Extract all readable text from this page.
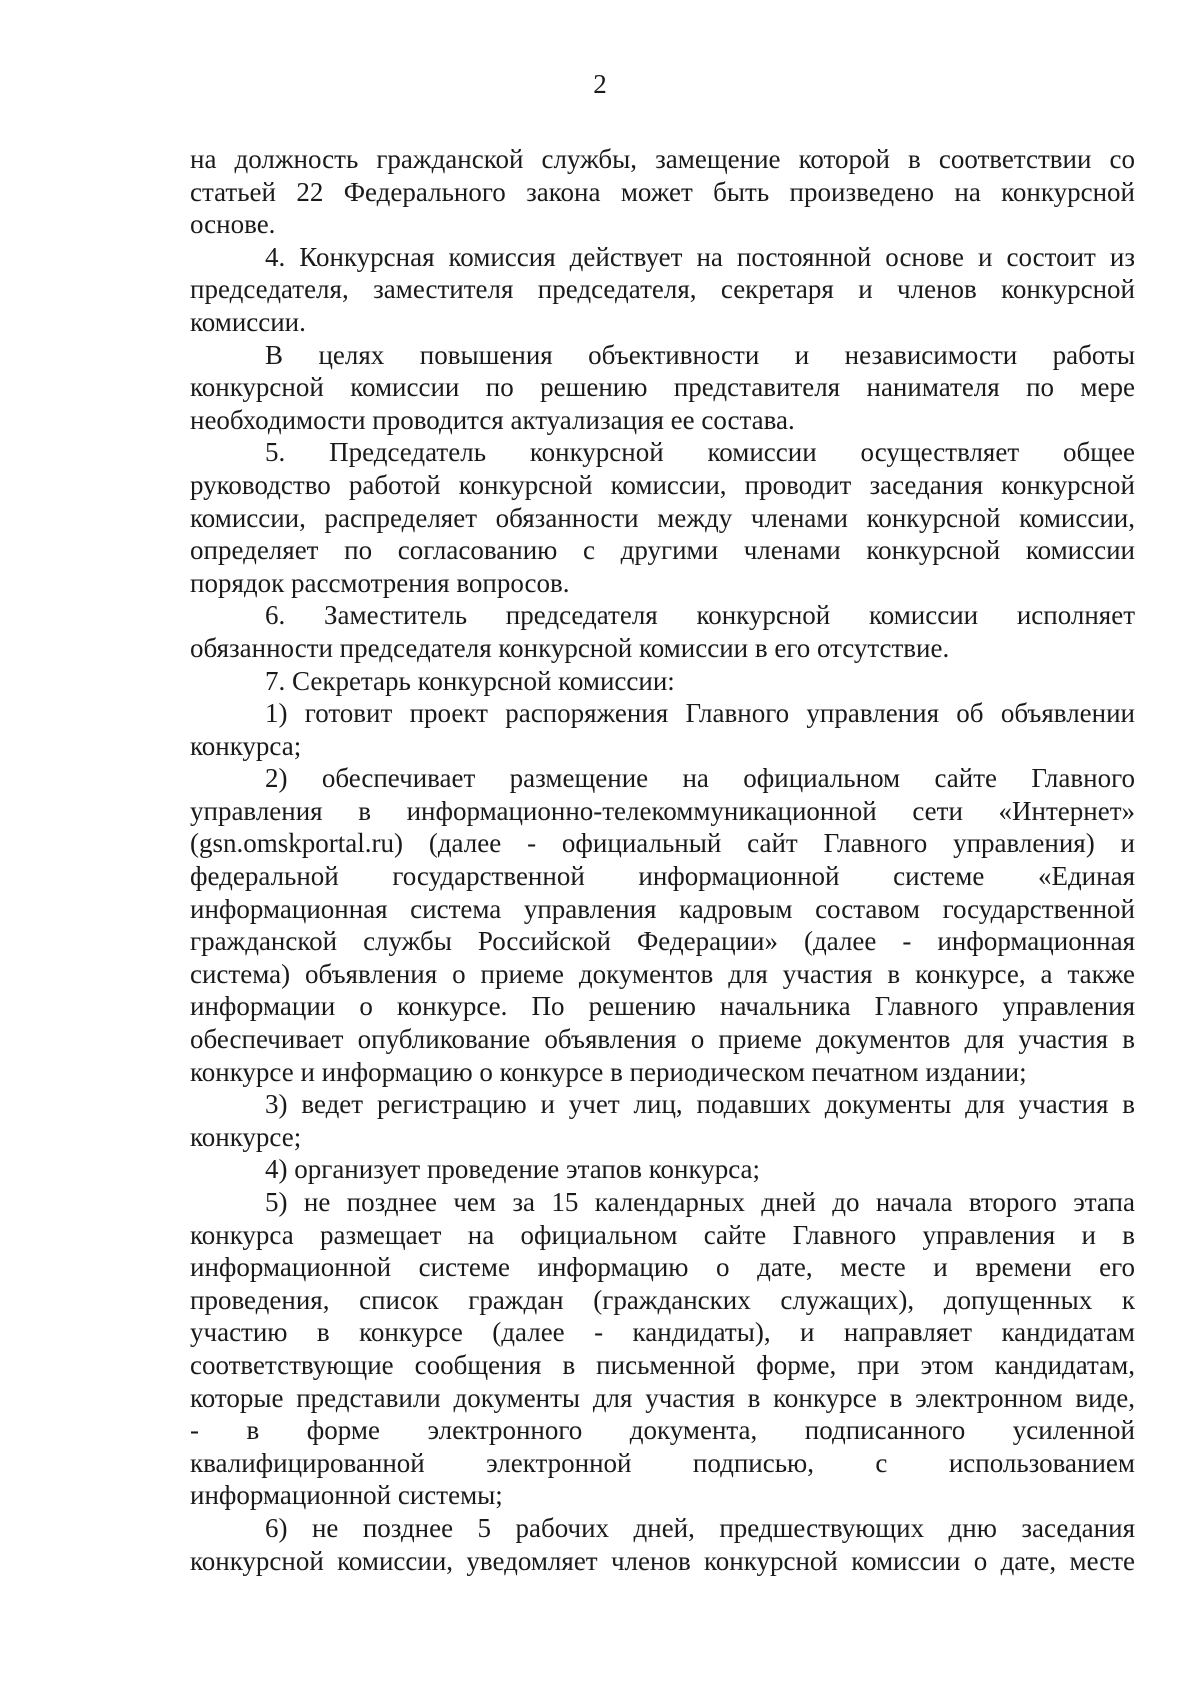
2
на должность гражданской службы, замещение которой в соответствии со
статьей 22 Федерального закона может быть произведено на конкурсной
основе.
4. Конкурсная комиссия действует на постоянной основе и состоит из
председателя, заместителя председателя, секретаря и членов конкурсной
комиссии.
В целях повышения объективности и независимости работы
конкурсной комиссии по решению представителя нанимателя по мере
необходимости проводится актуализация ее состава.
5. Председатель конкурсной комиссии осуществляет общее
руководство работой конкурсной комиссии, проводит заседания конкурсной
комиссии, распределяет обязанности между членами конкурсной комиссии,
определяет по согласованию с другими членами конкурсной комиссии
порядок рассмотрения вопросов.
6. Заместитель председателя конкурсной комиссии исполняет
обязанности председателя конкурсной комиссии в его отсутствие.
7. Секретарь конкурсной комиссии:
1) готовит проект распоряжения Главного управления об объявлении
конкурса;
2) обеспечивает размещение на официальном сайте Главного
управления в информационно-телекоммуникационной сети «Интернет»
(gsn.omskportal.ru) (далее - официальный сайт Главного управления) и
федеральной государственной информационной системе «Единая
информационная система управления кадровым составом государственной
гражданской службы Российской Федерации» (далее - информационная
система) объявления о приеме документов для участия в конкурсе, а также
информации о конкурсе. По решению начальника Главного управления
обеспечивает опубликование объявления о приеме документов для участия в
конкурсе и информацию о конкурсе в периодическом печатном издании;
3) ведет регистрацию и учет лиц, подавших документы для участия в
конкурсе;
4) организует проведение этапов конкурса;
5) не позднее чем за 15 календарных дней до начала второго этапа
конкурса размещает на официальном сайте Главного управления и в
информационной системе информацию о дате, месте и времени его
проведения, список граждан (гражданских служащих), допущенных к
участию в конкурсе (далее - кандидаты), и направляет кандидатам
соответствующие сообщения в письменной форме, при этом кандидатам,
которые представили документы для участия в конкурсе в электронном виде,
- в форме электронного документа, подписанного усиленной
квалифицированной электронной подписью, с использованием
информационной системы;
6) не позднее 5 рабочих дней, предшествующих дню заседания
конкурсной комиссии, уведомляет членов конкурсной комиссии о дате, месте
